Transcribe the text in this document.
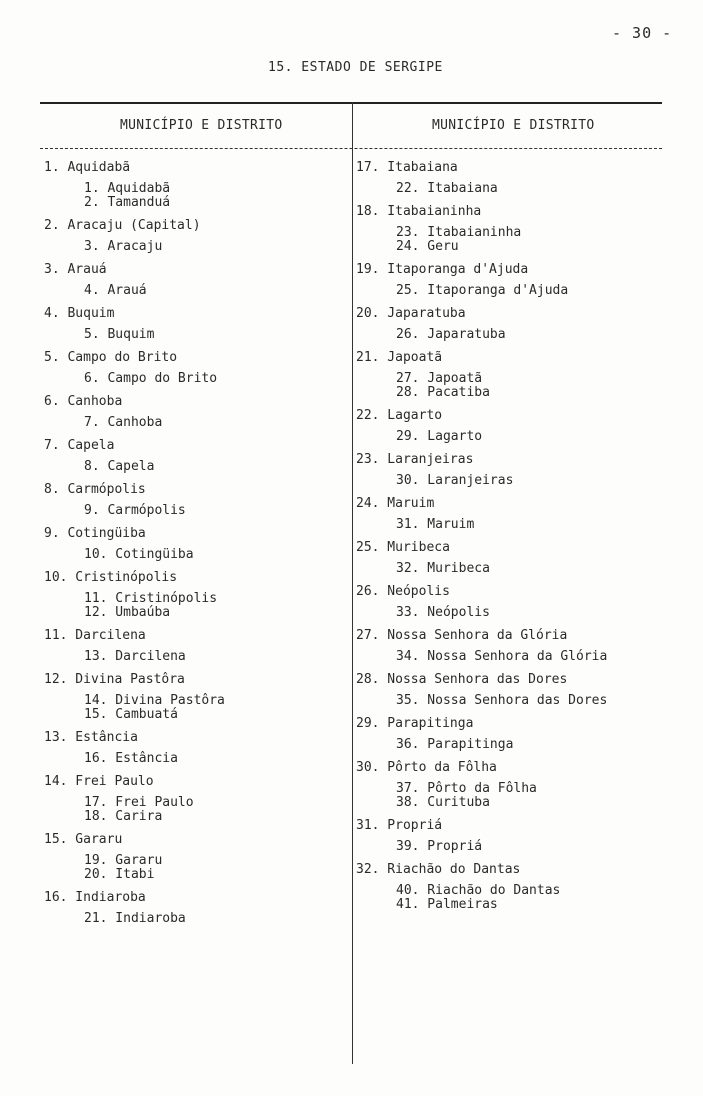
- 30 -
15. ESTADO DE SERGIPE
MUNICÍPIO E DISTRITO	MUNICÍPIO E DISTRITO
1. Aquidabã
1. Aquidabã
2. Tamanduá
2. Aracaju (Capital)
3. Aracaju
3. Arauá
4. Arauá
4. Buquim
5. Buquim
5. Campo do Brito
6. Campo do Brito
6. Canhoba
7. Canhoba
7. Capela
8. Capela
8. Carmópolis
9. Carmópolis
9. Cotingüiba
10. Cotingüiba
10. Cristinópolis
11. Cristinópolis
12. Umbaúba
11. Darcilena
13. Darcilena
12. Divina Pastôra
14. Divina Pastôra
15. Cambuatá
13. Estância
16. Estância
14. Frei Paulo
17. Frei Paulo
18. Carira
15. Gararu
19. Gararu
20. Itabi
16. Indiaroba
21. Indiaroba
17. Itabaiana
22. Itabaiana
18. Itabaianinha
23. Itabaianinha
24. Geru
19. Itaporanga d'Ajuda
25. Itaporanga d'Ajuda
20. Japaratuba
26. Japaratuba
21. Japoatã
27. Japoatã
28. Pacatiba
22. Lagarto
29. Lagarto
23. Laranjeiras
30. Laranjeiras
24. Maruim
31. Maruim
25. Muribeca
32. Muribeca
26. Neópolis
33. Neópolis
27. Nossa Senhora da Glória
34. Nossa Senhora da Glória
28. Nossa Senhora das Dores
35. Nossa Senhora das Dores
29. Parapitinga
36. Parapitinga
30. Pôrto da Fôlha
37. Pôrto da Fôlha
38. Curituba
31. Propriá
39. Propriá
32. Riachão do Dantas
40. Riachão do Dantas
41. Palmeiras
